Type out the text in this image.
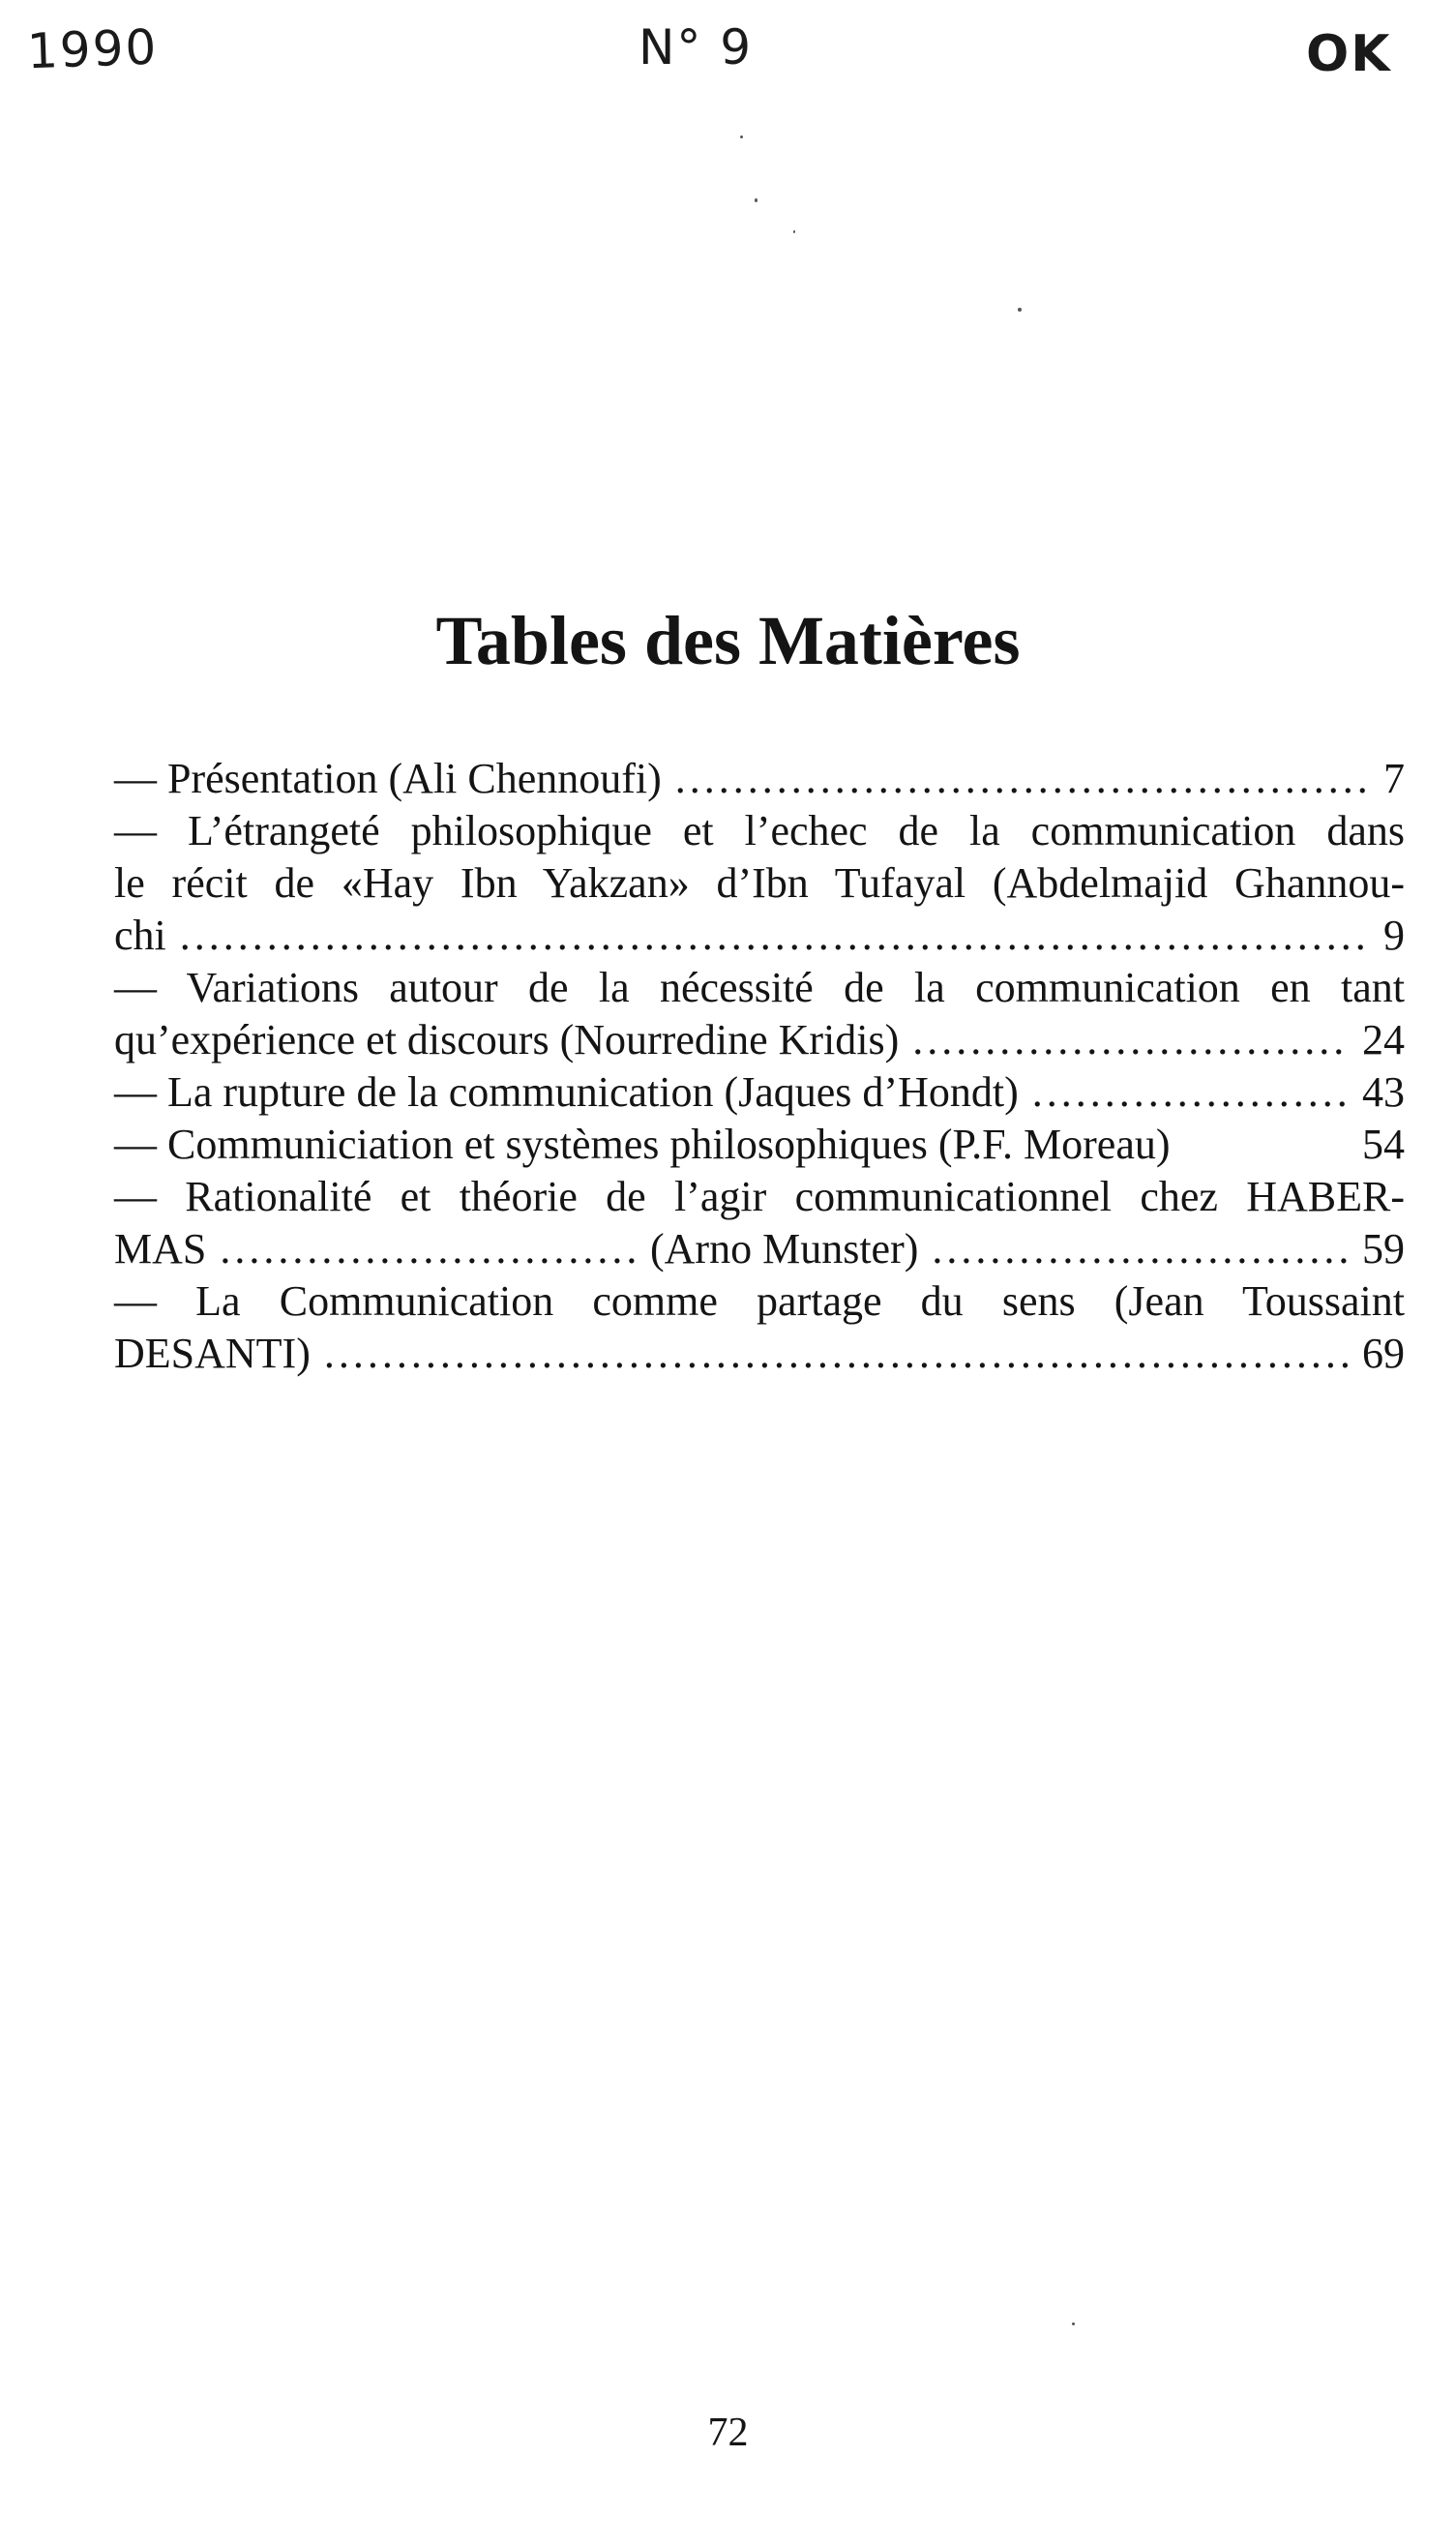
1990	N° 9	OK
Tables des Matières
— Présentation (Ali Chennoufi) .....	7
— L’étrangeté philosophique et l’echec de la communication dans
le récit de «Hay Ibn Yakzan» d’Ibn Tufayal (Abdelmajid Ghannou-
chi .....	9
— Variations autour de la nécessité de la communication en tant
qu’expérience et discours (Nourredine Kridis) .....	24
— La rupture de la communication (Jaques d’Hondt) .....	43
— Communiciation et systèmes philosophiques (P.F. Moreau)	54
— Rationalité et théorie de l’agir communicationnel chez HABER-
MAS .....	(Arno Munster) .....	59
— La Communication comme partage du sens (Jean Toussaint
DESANTI) .....	69
72
